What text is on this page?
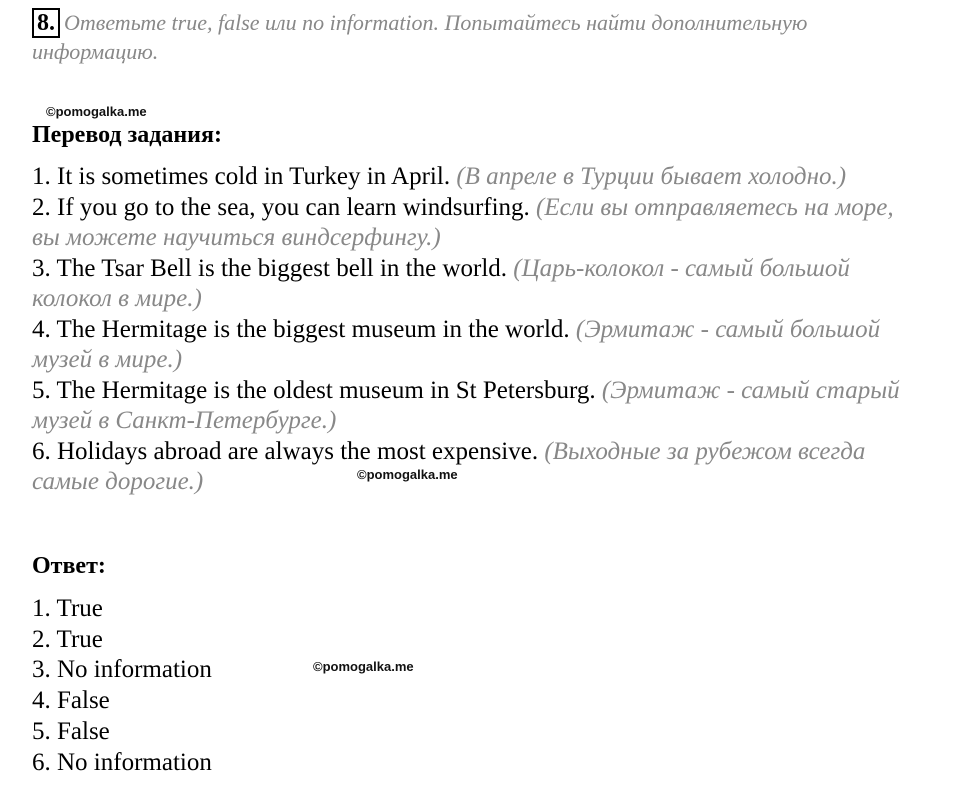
8. Ответьте true, false или no information. Попытайтесь найти дополнительную информацию.
©pomogalka.me
Перевод задания:
1. It is sometimes cold in Turkey in April. (В апреле в Турции бывает холодно.)
2. If you go to the sea, you can learn windsurfing. (Если вы отправляетесь на море, вы можете научиться виндсерфингу.)
3. The Tsar Bell is the biggest bell in the world. (Царь-колокол - самый большой колокол в мире.)
4. The Hermitage is the biggest museum in the world. (Эрмитаж - самый большой музей в мире.)
5. The Hermitage is the oldest museum in St Petersburg. (Эрмитаж - самый старый музей в Санкт-Петербурге.)
6. Holidays abroad are always the most expensive. (Выходные за рубежом всегда самые дорогие.)	©pomogalka.me
Ответ:
1. True
2. True
3. No information
4. False
5. False
6. No information
©pomogalka.me
